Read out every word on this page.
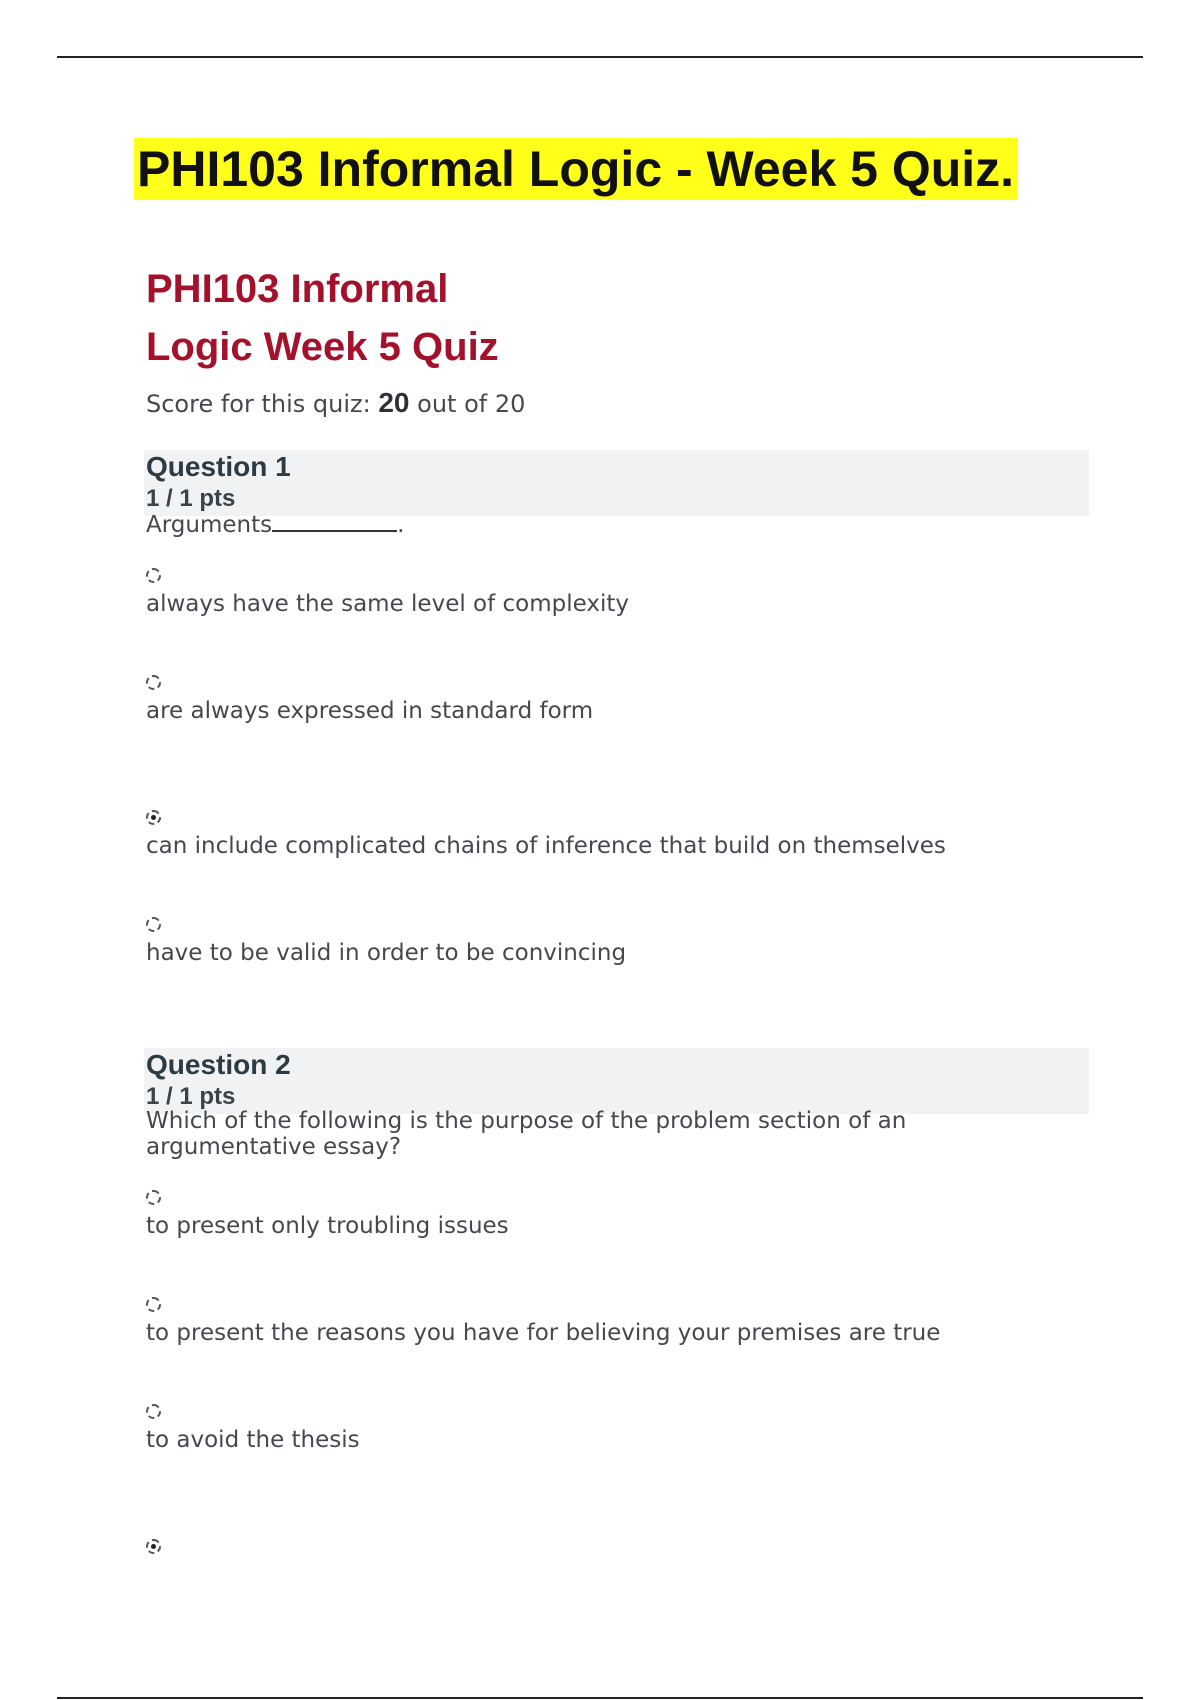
PHI103 Informal Logic - Week 5 Quiz.
PHI103 Informal
Logic Week 5 Quiz
Score for this quiz: 20 out of 20
Question 1
1 / 1 pts
Arguments	.
always have the same level of complexity
are always expressed in standard form
can include complicated chains of inference that build on themselves
have to be valid in order to be convincing
Question 2
1 / 1 pts
Which of the following is the purpose of the problem section of an argumentative essay?
to present only troubling issues
to present the reasons you have for believing your premises are true
to avoid the thesis
